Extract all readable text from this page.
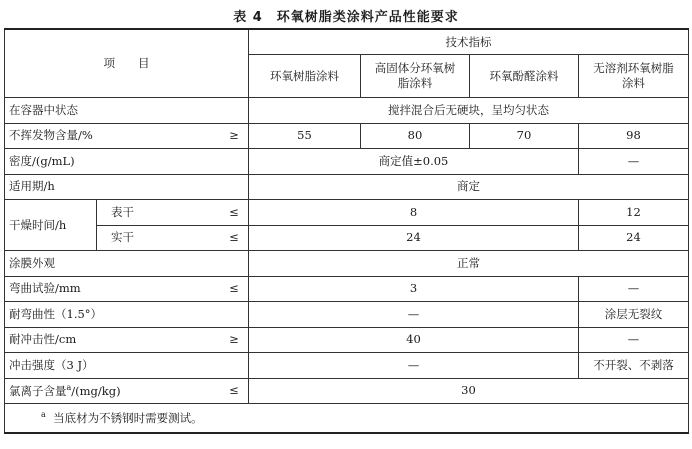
表 4 环氧树脂类涂料产品性能要求
项　　目		技术指标			
		环氧树脂涂料	高固体分环氧树脂涂料	环氧酚醛涂料	无溶剂环氧树脂涂料
在容器中状态		搅拌混合后无硬块，呈均匀状态			
不挥发物含量/% ≥		55	80	70	98
密度/(g/mL)		商定值±0.05			—
适用期/h		商定			
干燥时间/h	表干 ≤	8			12
	实干 ≤	24			24
涂膜外观		正常			
弯曲试验/mm ≤		3			—
耐弯曲性（1.5°）		—			涂层无裂纹
耐冲击性/cm ≥		40			—
冲击强度（3 J）		—			不开裂、不剥落
氯离子含量$^a$/(mg/kg) ≤		30			
$^a$ 当底材为不锈钢时需要测试。					
